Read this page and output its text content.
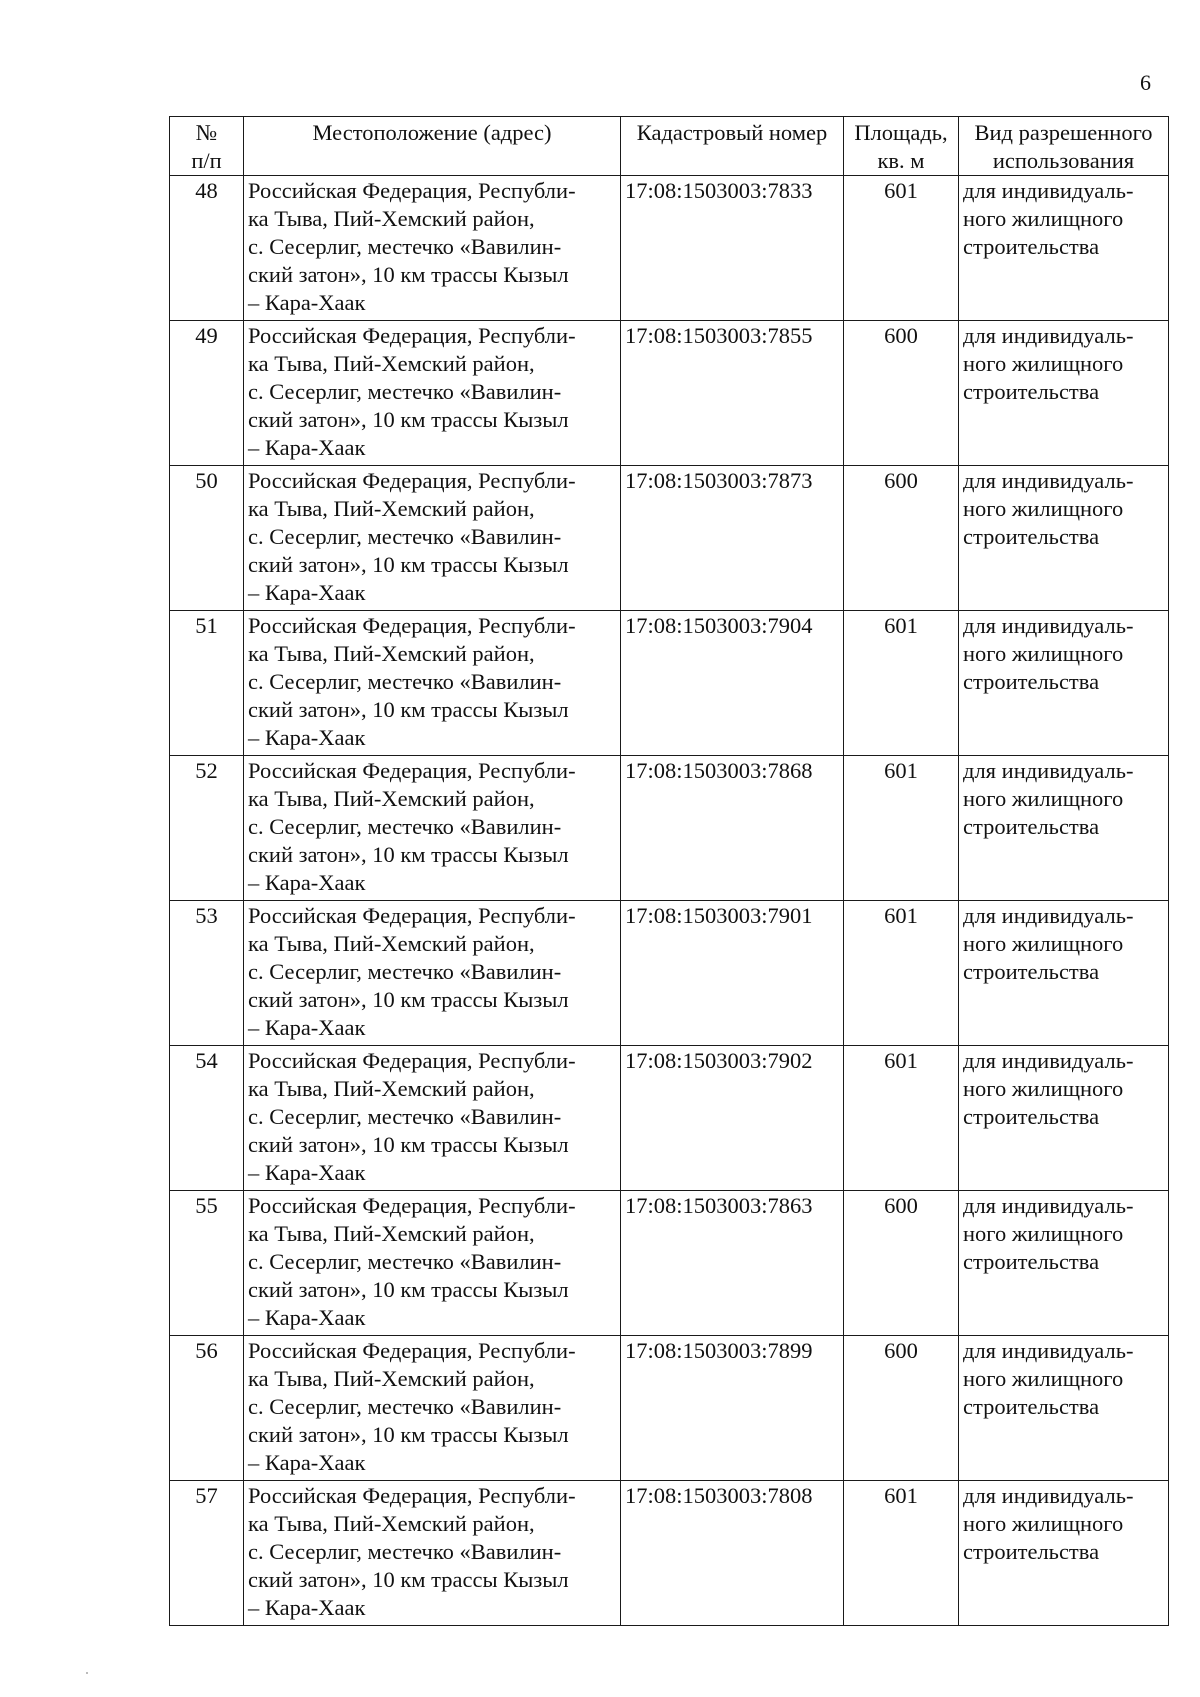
6
№
п/п	Местоположение (адрес)	Кадастровый номер	Площадь,
кв. м	Вид разрешенного
использования

48	Российская Федерация, Республи-
ка Тыва, Пий-Хемский район,
с. Сесерлиг, местечко «Вавилин-
ский затон», 10 км трассы Кызыл
– Кара-Хаак	17:08:1503003:7833	601	для индивидуаль-
ного жилищного
строительства

49	Российская Федерация, Республи-
ка Тыва, Пий-Хемский район,
с. Сесерлиг, местечко «Вавилин-
ский затон», 10 км трассы Кызыл
– Кара-Хаак	17:08:1503003:7855	600	для индивидуаль-
ного жилищного
строительства

50	Российская Федерация, Республи-
ка Тыва, Пий-Хемский район,
с. Сесерлиг, местечко «Вавилин-
ский затон», 10 км трассы Кызыл
– Кара-Хаак	17:08:1503003:7873	600	для индивидуаль-
ного жилищного
строительства

51	Российская Федерация, Республи-
ка Тыва, Пий-Хемский район,
с. Сесерлиг, местечко «Вавилин-
ский затон», 10 км трассы Кызыл
– Кара-Хаак	17:08:1503003:7904	601	для индивидуаль-
ного жилищного
строительства

52	Российская Федерация, Республи-
ка Тыва, Пий-Хемский район,
с. Сесерлиг, местечко «Вавилин-
ский затон», 10 км трассы Кызыл
– Кара-Хаак	17:08:1503003:7868	601	для индивидуаль-
ного жилищного
строительства

53	Российская Федерация, Республи-
ка Тыва, Пий-Хемский район,
с. Сесерлиг, местечко «Вавилин-
ский затон», 10 км трассы Кызыл
– Кара-Хаак	17:08:1503003:7901	601	для индивидуаль-
ного жилищного
строительства

54	Российская Федерация, Республи-
ка Тыва, Пий-Хемский район,
с. Сесерлиг, местечко «Вавилин-
ский затон», 10 км трассы Кызыл
– Кара-Хаак	17:08:1503003:7902	601	для индивидуаль-
ного жилищного
строительства

55	Российская Федерация, Республи-
ка Тыва, Пий-Хемский район,
с. Сесерлиг, местечко «Вавилин-
ский затон», 10 км трассы Кызыл
– Кара-Хаак	17:08:1503003:7863	600	для индивидуаль-
ного жилищного
строительства

56	Российская Федерация, Республи-
ка Тыва, Пий-Хемский район,
с. Сесерлиг, местечко «Вавилин-
ский затон», 10 км трассы Кызыл
– Кара-Хаак	17:08:1503003:7899	600	для индивидуаль-
ного жилищного
строительства

57	Российская Федерация, Республи-
ка Тыва, Пий-Хемский район,
с. Сесерлиг, местечко «Вавилин-
ский затон», 10 км трассы Кызыл
– Кара-Хаак	17:08:1503003:7808	601	для индивидуаль-
ного жилищного
строительства
